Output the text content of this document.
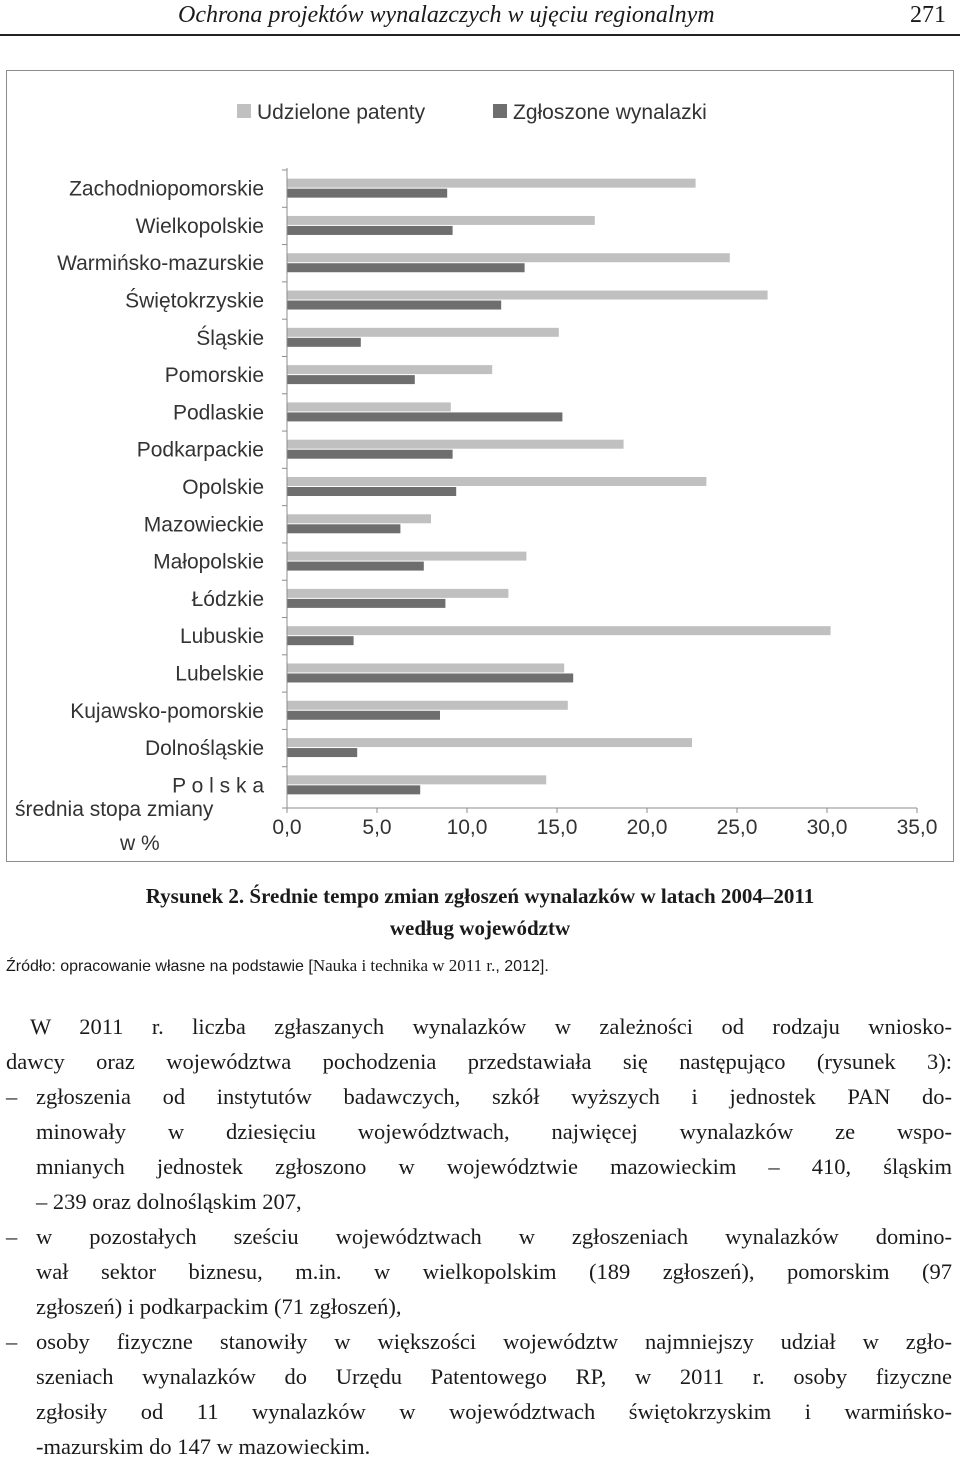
Ochrona projektów wynalazczych w ujęciu regionalnym	271
Udzielone patenty	Zgłoszone wynalazki
Zachodniopomorskie
Wielkopolskie
Warmińsko-mazurskie
Świętokrzyskie
Śląskie
Pomorskie
Podlaskie
Podkarpackie
Opolskie
Mazowieckie
Małopolskie
Łódzkie
Lubuskie
Lubelskie
Kujawsko-pomorskie
Dolnośląskie
P o l s k a
0,0	5,0	10,0 15,0 20,0 25,0 30,0 35,0
średnia stopa zmiany
w %
Rysunek 2. Średnie tempo zmian zgłoszeń wynalazków w latach 2004–2011
według województw
Źródło: opracowanie własne na podstawie [Nauka i technika w 2011 r., 2012].
W 2011 r. liczba zgłaszanych wynalazków w zależności od rodzaju wniosko-
dawcy oraz województwa pochodzenia przedstawiała się następująco (rysunek 3):
– zgłoszenia od instytutów badawczych, szkół wyższych i jednostek PAN do-
minowały w dziesięciu województwach, najwięcej wynalazków ze wspo-
mnianych jednostek zgłoszono w województwie mazowieckim – 410, śląskim
– 239 oraz dolnośląskim 207,
– w pozostałych sześciu województwach w zgłoszeniach wynalazków domino-
wał sektor biznesu, m.in. w wielkopolskim (189 zgłoszeń), pomorskim (97
zgłoszeń) i podkarpackim (71 zgłoszeń),
– osoby fizyczne stanowiły w większości województw najmniejszy udział w zgło-
szeniach wynalazków do Urzędu Patentowego RP, w 2011 r. osoby fizyczne
zgłosiły od 11 wynalazków w województwach świętokrzyskim i warmińsko-
-mazurskim do 147 w mazowieckim.
